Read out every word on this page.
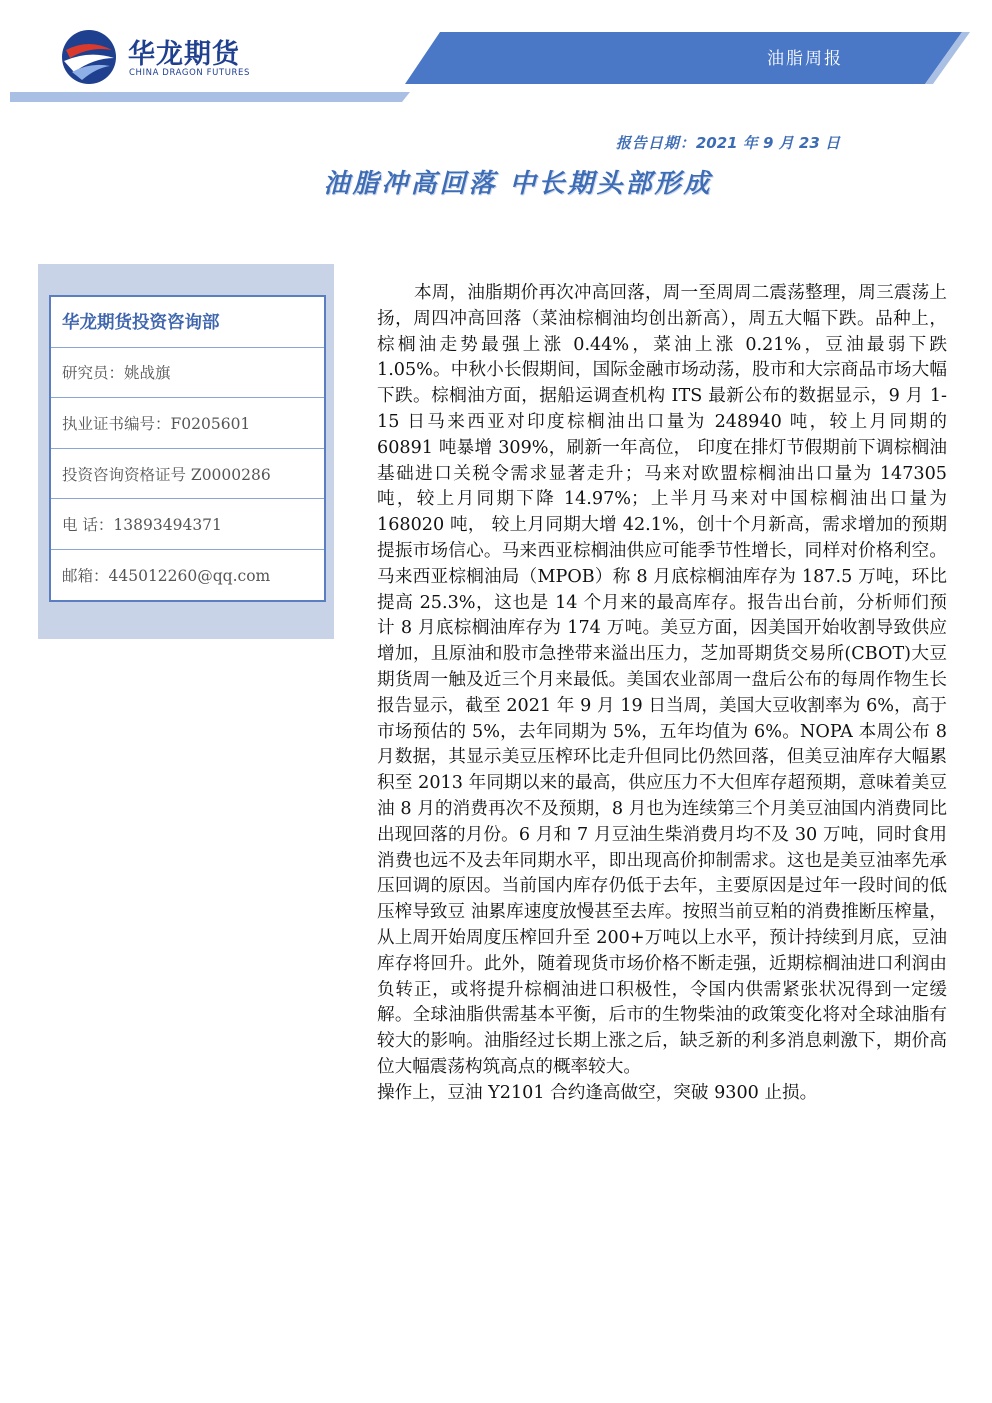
华龙期货
CHINA DRAGON FUTURES
油脂周报
报告日期：2021 年 9 月 23 日
油脂冲高回落 中长期头部形成
华龙期货投资咨询部
研究员：姚战旗
执业证书编号：F0205601
投资咨询资格证号 Z0000286
电 话：13893494371
邮箱：445012260@qq.com

本周，油脂期价再次冲高回落，周一至周周二震荡整理，周三震荡上扬，周四冲高回落（菜油棕榈油均创出新高），周五大幅下跌。品种上，棕榈油走势最强上涨 0.44%，菜油上涨 0.21%，豆油最弱下跌 1.05%。中秋小长假期间，国际金融市场动荡，股市和大宗商品市场大幅下跌。棕榈油方面，据船运调查机构 ITS 最新公布的数据显示，9 月 1-15 日马来西亚对印度棕榈油出口量为 248940 吨，较上月同期的 60891 吨暴增 309%，刷新一年高位， 印度在排灯节假期前下调棕榈油基础进口关税令需求显著走升；马来对欧盟棕榈油出口量为 147305 吨，较上月同期下降 14.97%；上半月马来对中国棕榈油出口量为 168020 吨， 较上月同期大增 42.1%，创十个月新高，需求增加的预期提振市场信心。马来西亚棕榈油供应可能季节性增长，同样对价格利空。马来西亚棕榈油局（MPOB）称 8 月底棕榈油库存为 187.5 万吨，环比提高 25.3%，这也是 14 个月来的最高库存。报告出台前，分析师们预计 8 月底棕榈油库存为 174 万吨。美豆方面，因美国开始收割导致供应增加，且原油和股市急挫带来溢出压力，芝加哥期货交易所(CBOT)大豆期货周一触及近三个月来最低。美国农业部周一盘后公布的每周作物生长报告显示，截至 2021 年 9 月 19 日当周，美国大豆收割率为 6%，高于市场预估的 5%，去年同期为 5%，五年均值为 6%。NOPA 本周公布 8 月数据，其显示美豆压榨环比走升但同比仍然回落，但美豆油库存大幅累积至 2013 年同期以来的最高，供应压力不大但库存超预期，意味着美豆油 8 月的消费再次不及预期，8 月也为连续第三个月美豆油国内消费同比出现回落的月份。6 月和 7 月豆油生柴消费月均不及 30 万吨，同时食用消费也远不及去年同期水平，即出现高价抑制需求。这也是美豆油率先承压回调的原因。当前国内库存仍低于去年，主要原因是过年一段时间的低压榨导致豆 油累库速度放慢甚至去库。按照当前豆粕的消费推断压榨量，从上周开始周度压榨回升至 200+万吨以上水平，预计持续到月底，豆油库存将回升。此外，随着现货市场价格不断走强，近期棕榈油进口利润由负转正，或将提升棕榈油进口积极性，令国内供需紧张状况得到一定缓解。全球油脂供需基本平衡，后市的生物柴油的政策变化将对全球油脂有较大的影响。油脂经过长期上涨之后，缺乏新的利多消息刺激下，期价高位大幅震荡构筑高点的概率较大。

操作上，豆油 Y2101 合约逢高做空，突破 9300 止损。
